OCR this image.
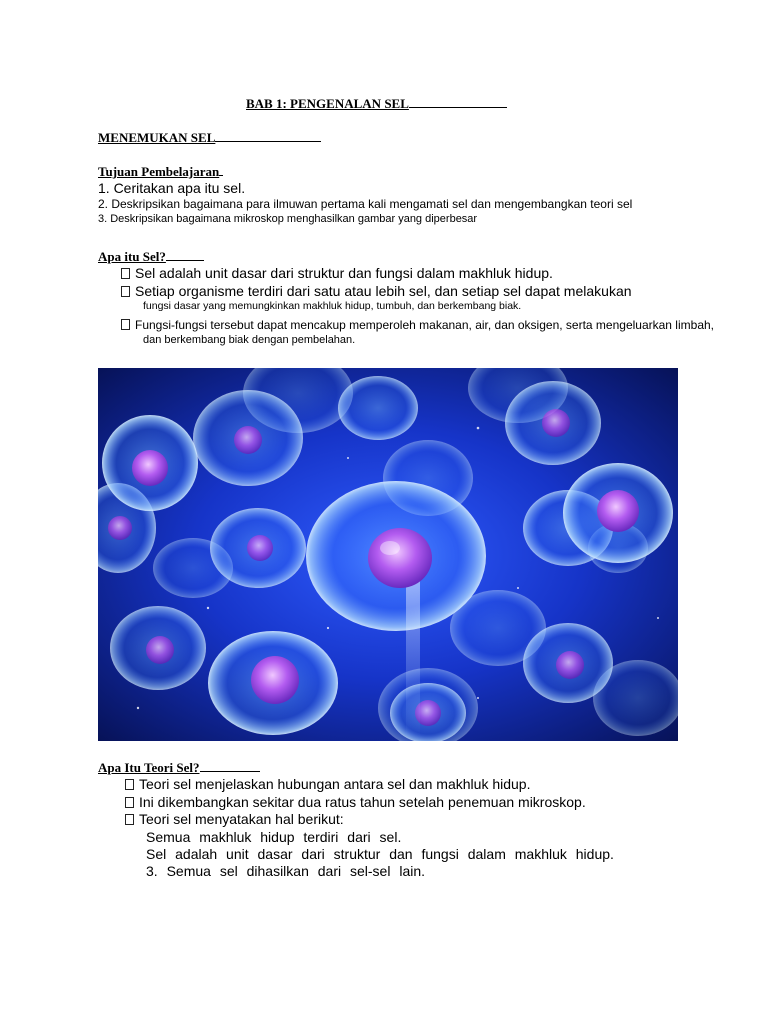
BAB 1: PENGENALAN SEL
MENEMUKAN SEL
Tujuan Pembelajaran
1. Ceritakan apa itu sel.
2. Deskripsikan bagaimana para ilmuwan pertama kali mengamati sel dan mengembangkan teori sel
3. Deskripsikan bagaimana mikroskop menghasilkan gambar yang diperbesar
Apa itu Sel?
Sel adalah unit dasar dari struktur dan fungsi dalam makhluk hidup.
Setiap organisme terdiri dari satu atau lebih sel, dan setiap sel dapat melakukan
fungsi dasar yang memungkinkan makhluk hidup, tumbuh, dan berkembang biak.
Fungsi-fungsi tersebut dapat mencakup memperoleh makanan, air, dan oksigen, serta mengeluarkan limbah,
dan berkembang biak dengan pembelahan.
Apa Itu Teori Sel?
Teori sel menjelaskan hubungan antara sel dan makhluk hidup.
Ini dikembangkan sekitar dua ratus tahun setelah penemuan mikroskop.
Teori sel menyatakan hal berikut:
Semua makhluk hidup terdiri dari sel.
Sel adalah unit dasar dari struktur dan fungsi dalam makhluk hidup.
3. Semua sel dihasilkan dari sel-sel lain.
